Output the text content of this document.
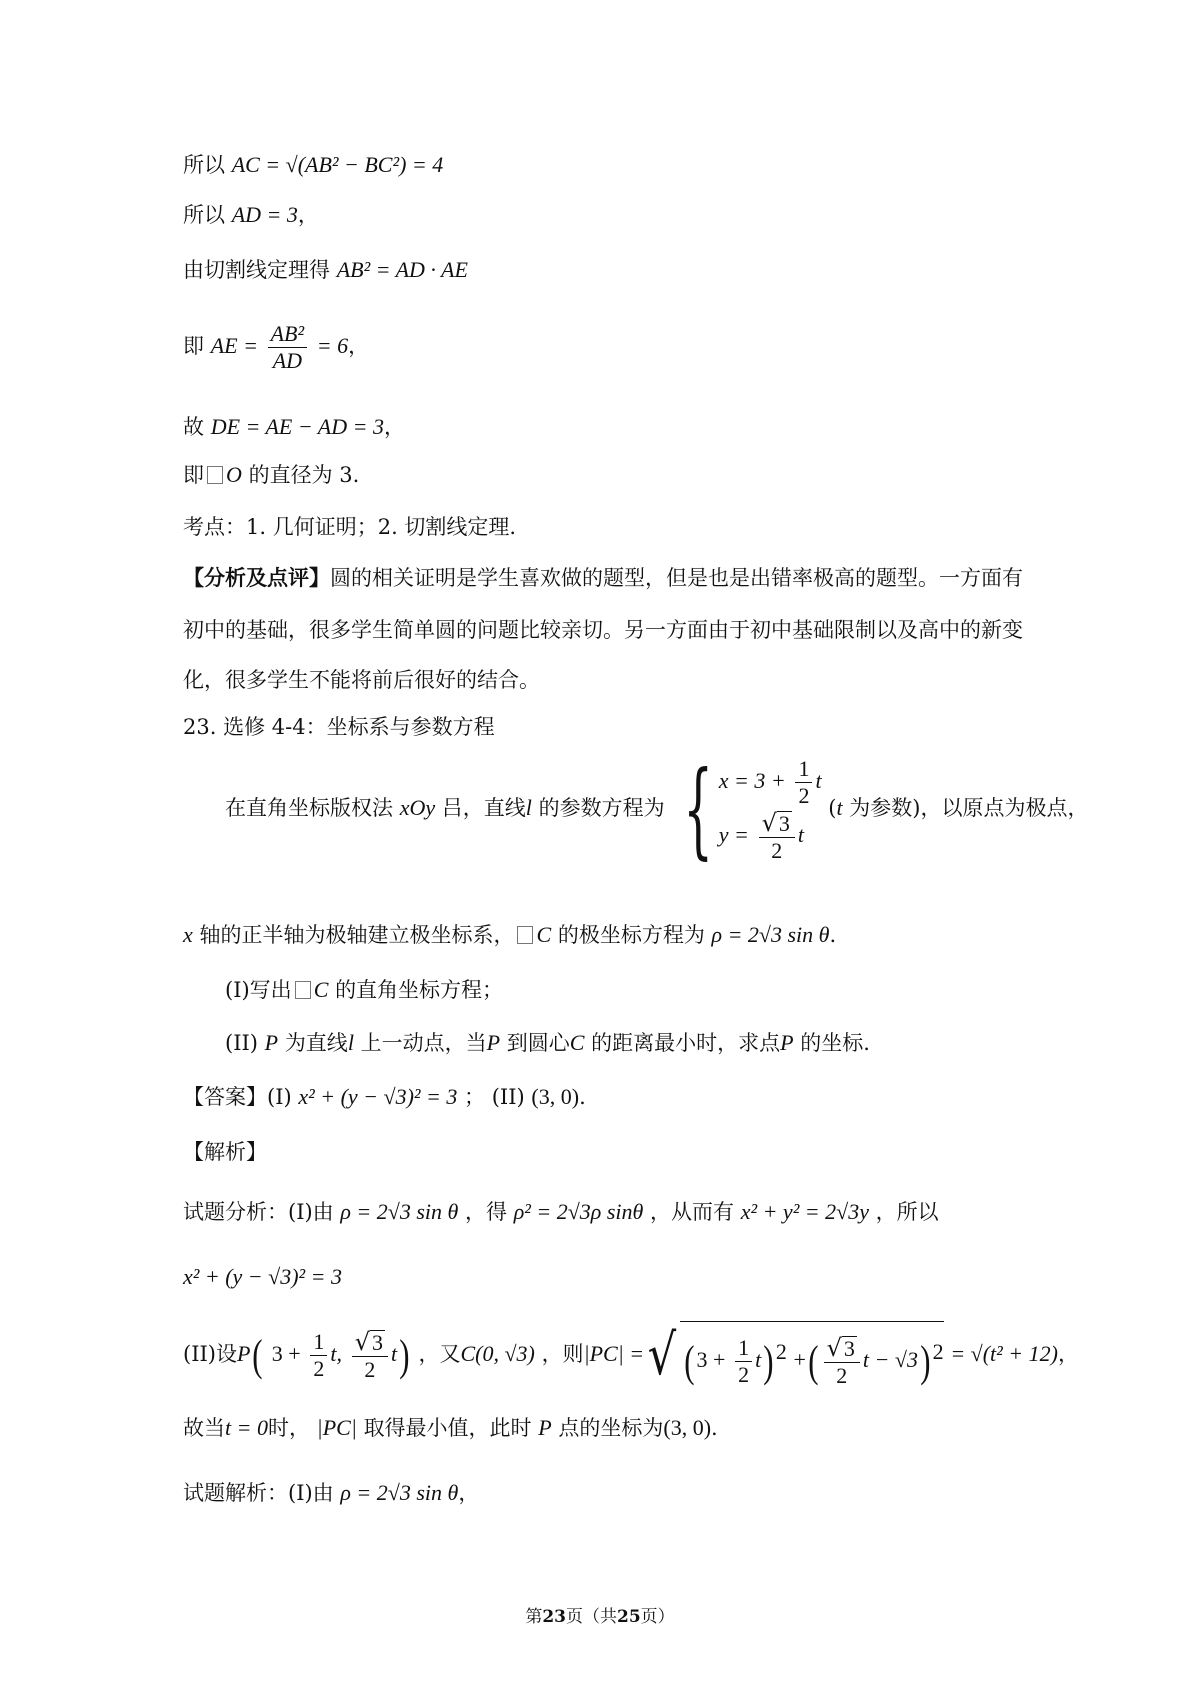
所以 AC = √(AB² − BC²) = 4
所以 AD = 3，
由切割线定理得 AB² = AD · AE
即 AE = $\frac{\text{AB²}}{AD} = 6$，
故 DE = AE − AD = 3，
即 O 的直径为 3.
考点：1. 几何证明；2. 切割线定理.
【分析及点评】圆的相关证明是学生喜欢做的题型，但是也是出错率极高的题型。一方面有
初中的基础，很多学生简单圆的问题比较亲切。另一方面由于初中基础限制以及高中的新变
化，很多学生不能将前后很好的结合。
23. 选修 4-4：坐标系与参数方程
在直角坐标版权法 xOy 吕，直线l 的参数方程为 { $x = 3 + \frac{1}{2}$ t
$y = \frac{√3}{2}$ t
(t 为参数)，以原点为极点，
x 轴的正半轴为极轴建立极坐标系， C 的极坐标方程为 ρ = 2√3 sin θ.
(I)写出 C 的直角坐标方程；
(II) P 为直线l 上一动点，当P 到圆心C 的距离最小时，求点P 的坐标.
【答案】(I) x² + (y − √3)² = 3 ； (II) (3, 0).
【解析】
试题分析：(I)由 ρ = 2√3 sin θ ，得 ρ² = 2√3ρ sinθ ，从而有 x² + y² = 2√3y ，所以
x² + (y − √3)² = 3
(II)设P( $3 + \frac{1}{2} t$, $\frac{√3}{2} t$) ，又C(0, √3) ，则|PC| =√ $(3 + \frac{1}{2} t)^2$ +( $\frac{√3}{2}$ t − √3)$^2$ = √(t² + 12)，
故当t = 0时， |PC| 取得最小值，此时 P 点的坐标为(3, 0).
试题解析：(I)由 ρ = 2√3 sin θ，
第23页（共25页）
